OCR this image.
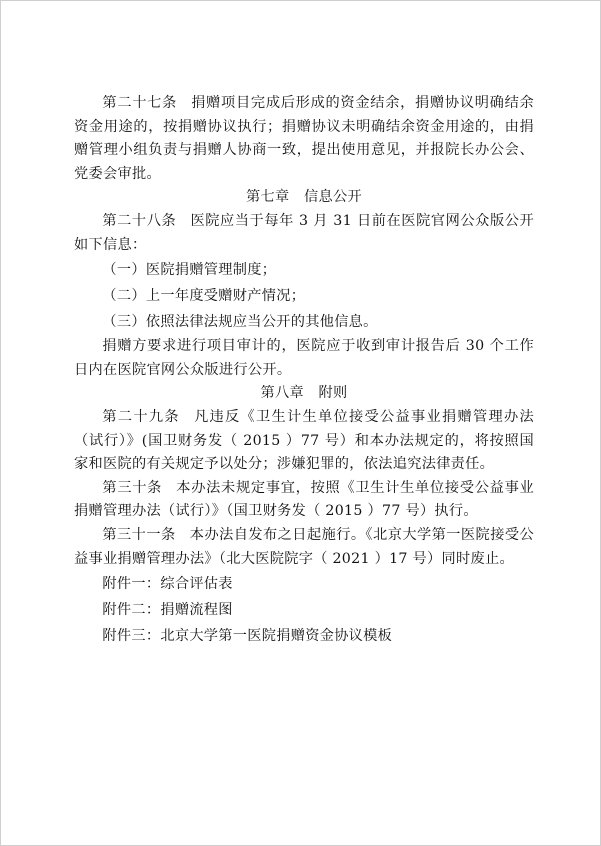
第二十七条 捐赠项目完成后形成的资金结余，捐赠协议明确结余资金用途的，按捐赠协议执行；捐赠协议未明确结余资金用途的，由捐赠管理小组负责与捐赠人协商一致，提出使用意见，并报院长办公会、党委会审批。

第七章　信息公开

第二十八条 医院应当于每年 3 月 31 日前在医院官网公众版公开如下信息：

（一）医院捐赠管理制度；

（二）上一年度受赠财产情况；

（三）依照法律法规应当公开的其他信息。

捐赠方要求进行项目审计的，医院应于收到审计报告后 30 个工作日内在医院官网公众版进行公开。

第八章　附则

第二十九条 凡违反《卫生计生单位接受公益事业捐赠管理办法（试行）》(国卫财务发（ 2015 ）77 号）和本办法规定的，将按照国家和医院的有关规定予以处分；涉嫌犯罪的，依法追究法律责任。

第三十条 本办法未规定事宜，按照《卫生计生单位接受公益事业捐赠管理办法（试行）》（国卫财务发（ 2015 ）77 号）执行。

第三十一条 本办法自发布之日起施行。《北京大学第一医院接受公益事业捐赠管理办法》（北大医院院字（ 2021 ）17 号）同时废止。

附件一：综合评估表

附件二：捐赠流程图

附件三：北京大学第一医院捐赠资金协议模板
